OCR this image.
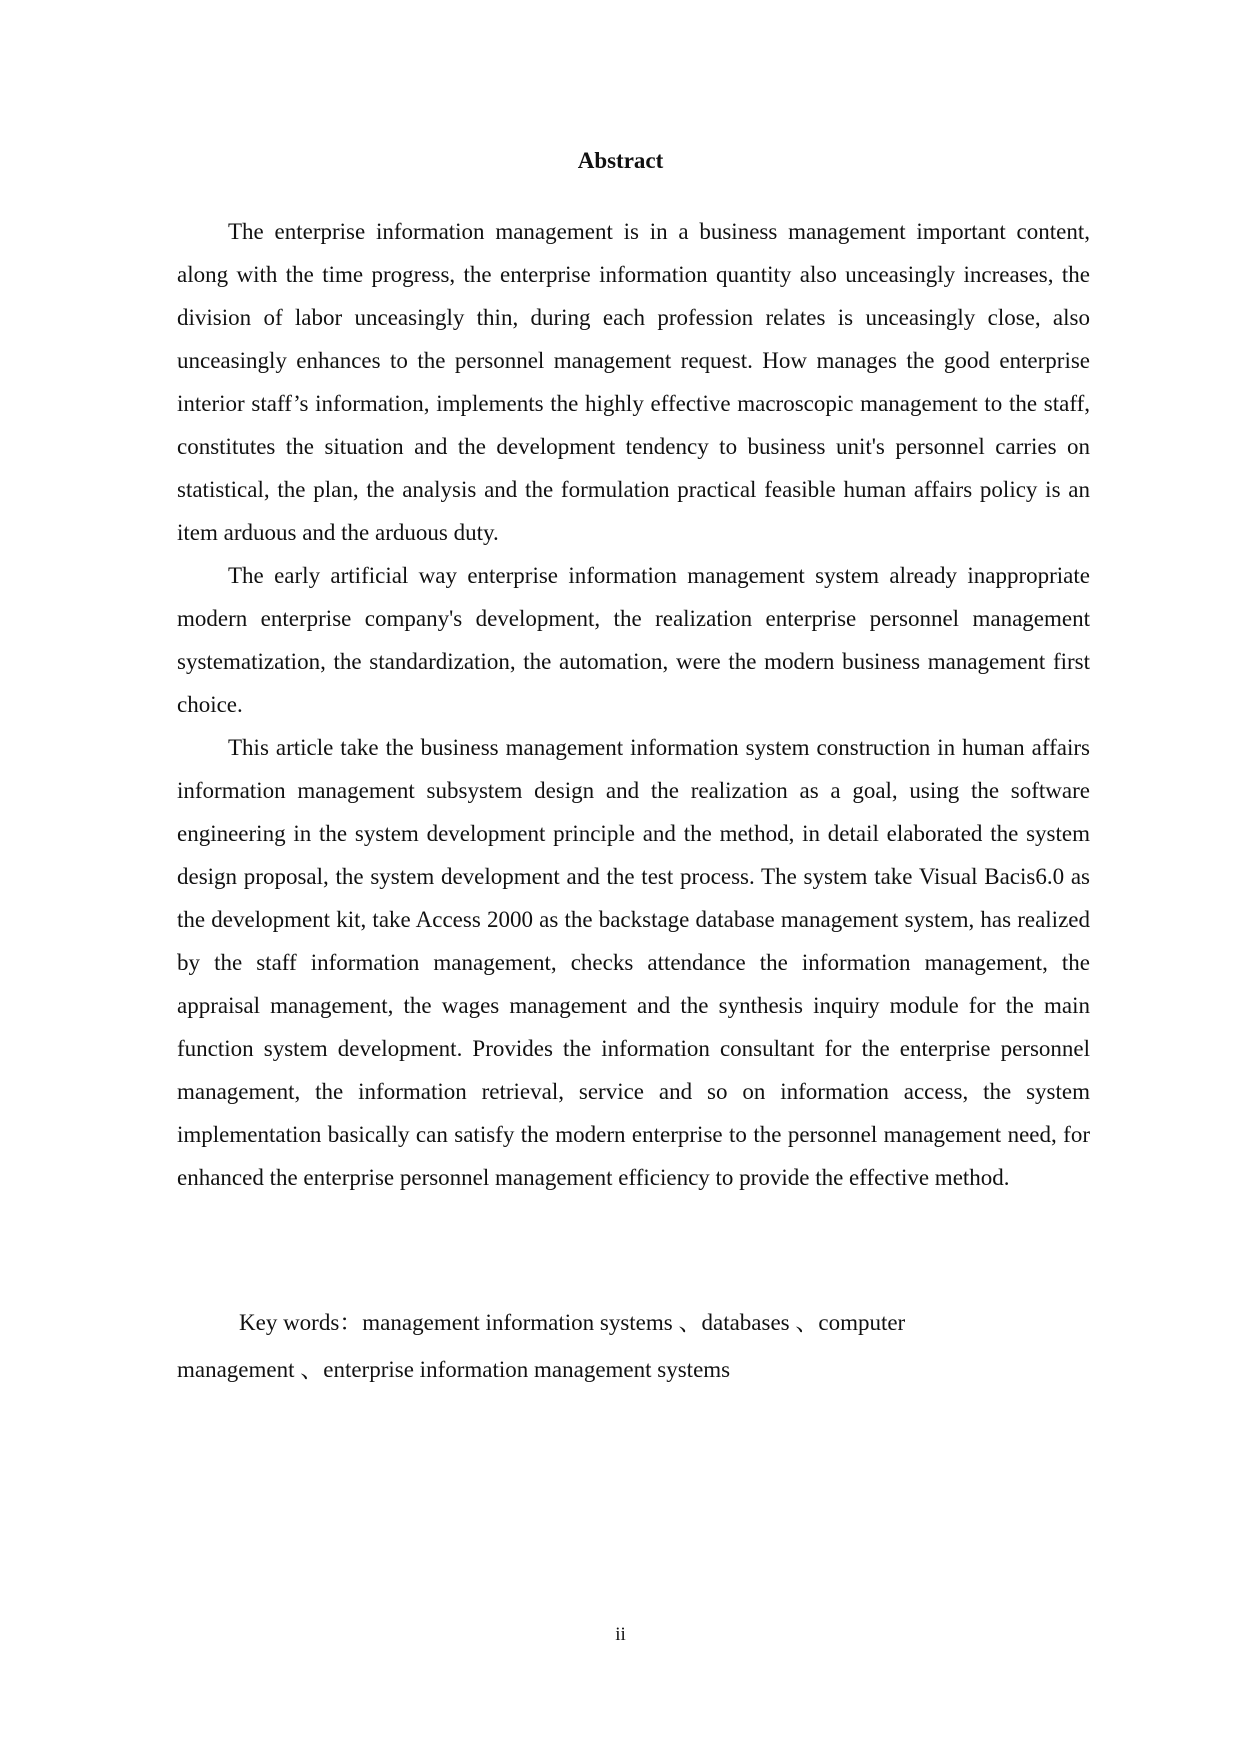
Abstract

The enterprise information management is in a business management important content, along with the time progress, the enterprise information quantity also unceasingly increases, the division of labor unceasingly thin, during each profession relates is unceasingly close, also unceasingly enhances to the personnel management request. How manages the good enterprise interior staff’s information, implements the highly effective macroscopic management to the staff, constitutes the situation and the development tendency to business unit's personnel carries on statistical, the plan, the analysis and the formulation practical feasible human affairs policy is an item arduous and the arduous duty.

The early artificial way enterprise information management system already inappropriate modern enterprise company's development, the realization enterprise personnel management systematization, the standardization, the automation, were the modern business management first choice.

This article take the business management information system construction in human affairs information management subsystem design and the realization as a goal, using the software engineering in the system development principle and the method, in detail elaborated the system design proposal, the system development and the test process. The system take Visual Bacis6.0 as the development kit, take Access 2000 as the backstage database management system, has realized by the staff information management, checks attendance the information management, the appraisal management, the wages management and the synthesis inquiry module for the main function system development. Provides the information consultant for the enterprise personnel management, the information retrieval, service and so on information access, the system implementation basically can satisfy the modern enterprise to the personnel management need, for enhanced the enterprise personnel management efficiency to provide the effective method.

Key words：management information systems 、databases 、computer
management 、enterprise information management systems

ii
